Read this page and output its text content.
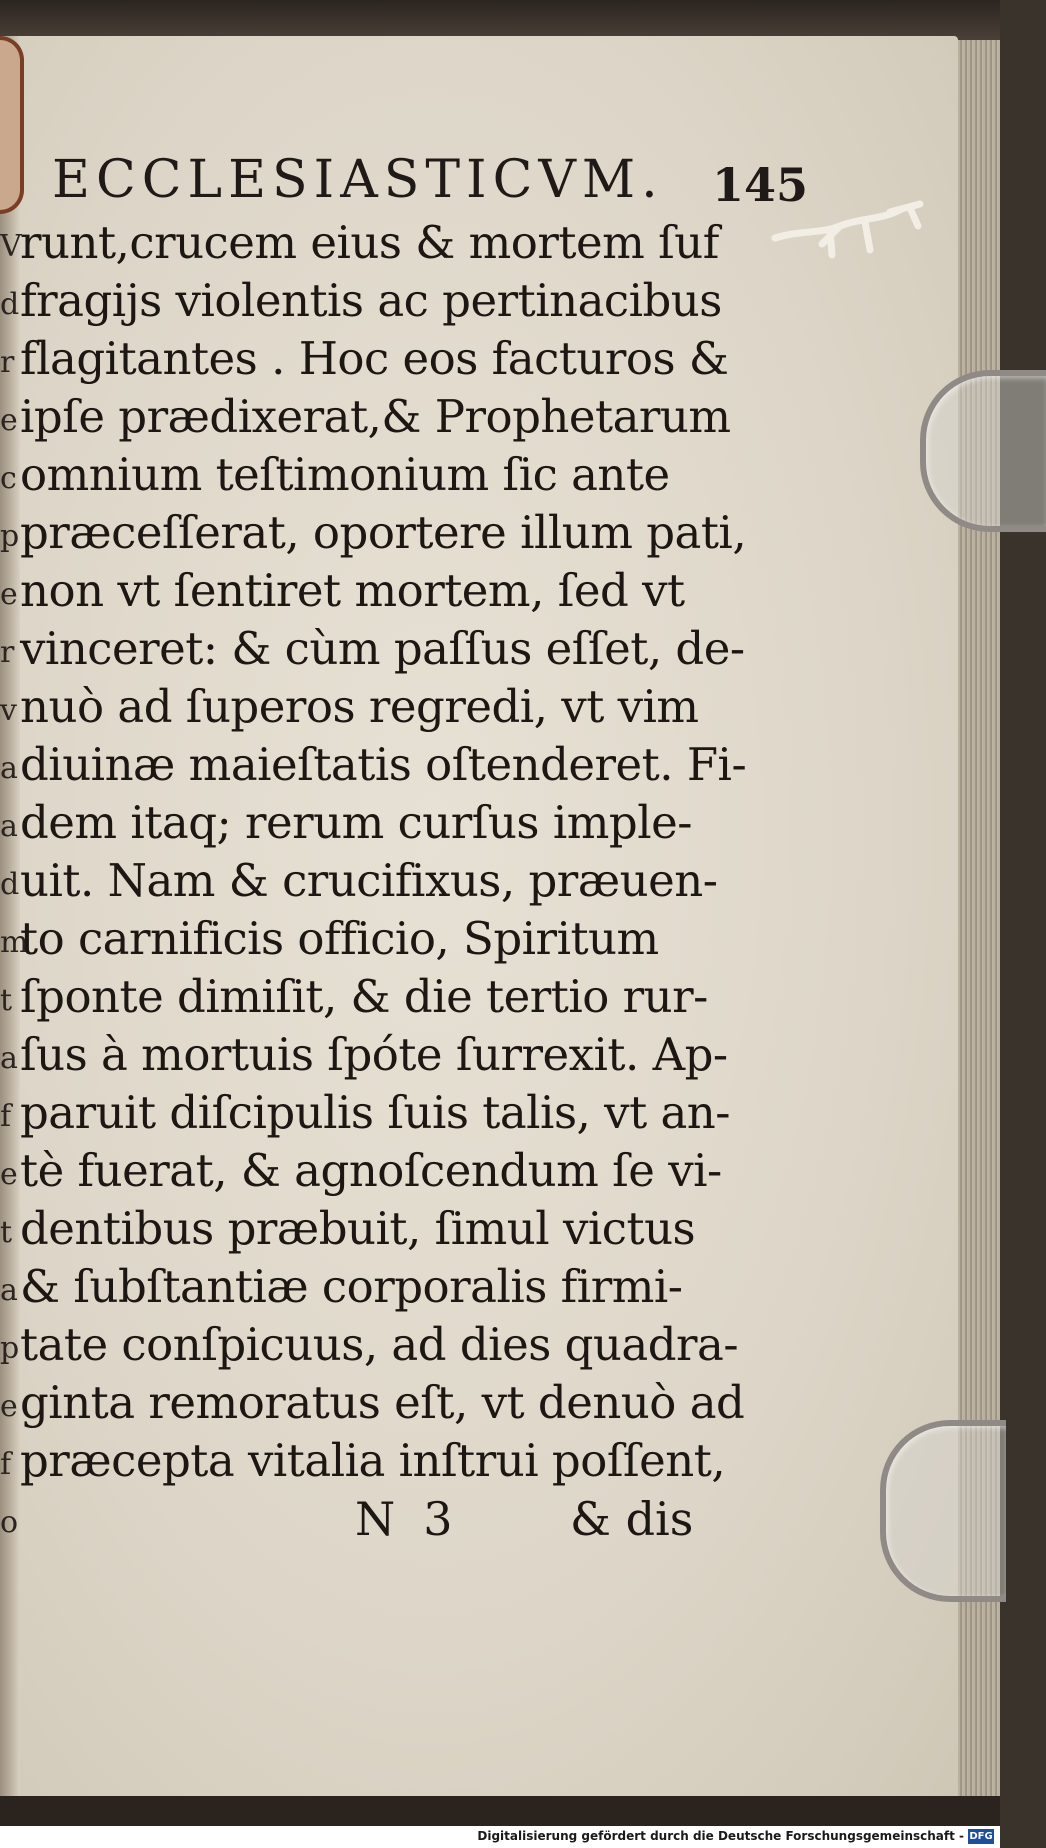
ECCLESIASTICVM.	145
V
d
r
e
c
p
e
r
v
a
a
d
m
t
a
f
e
t
a
p
e
f
o
runt,crucem eius & mortem ſuf
fragijs violentis ac pertinacibus
flagitantes . Hoc eos facturos &
ipſe prædixerat,& Prophetarum
omnium teſtimonium ſic ante
præceſſerat, oportere illum pati,
non vt ſentiret mortem, ſed vt
vinceret: & cùm paſſus eſſet, de-
nuò ad ſuperos regredi, vt vim
diuinæ maieſtatis oſtenderet. Fi-
dem itaq; rerum curſus imple-
uit. Nam & crucifixus, præuen-
to carnificis officio, Spiritum
ſponte dimiſit, & die tertio rur-
ſus à mortuis ſpóte ſurrexit. Ap-
paruit diſcipulis ſuis talis, vt an-
tè fuerat, & agnoſcendum ſe vi-
dentibus præbuit, ſimul victus
& ſubſtantiæ corporalis firmi-
tate conſpicuus, ad dies quadra-
ginta remoratus eſt, vt denuò ad
præcepta vitalia inſtrui poſſent,
N 3	& dis
Digitalisierung gefördert durch die Deutsche Forschungsgemeinschaft - DFG
